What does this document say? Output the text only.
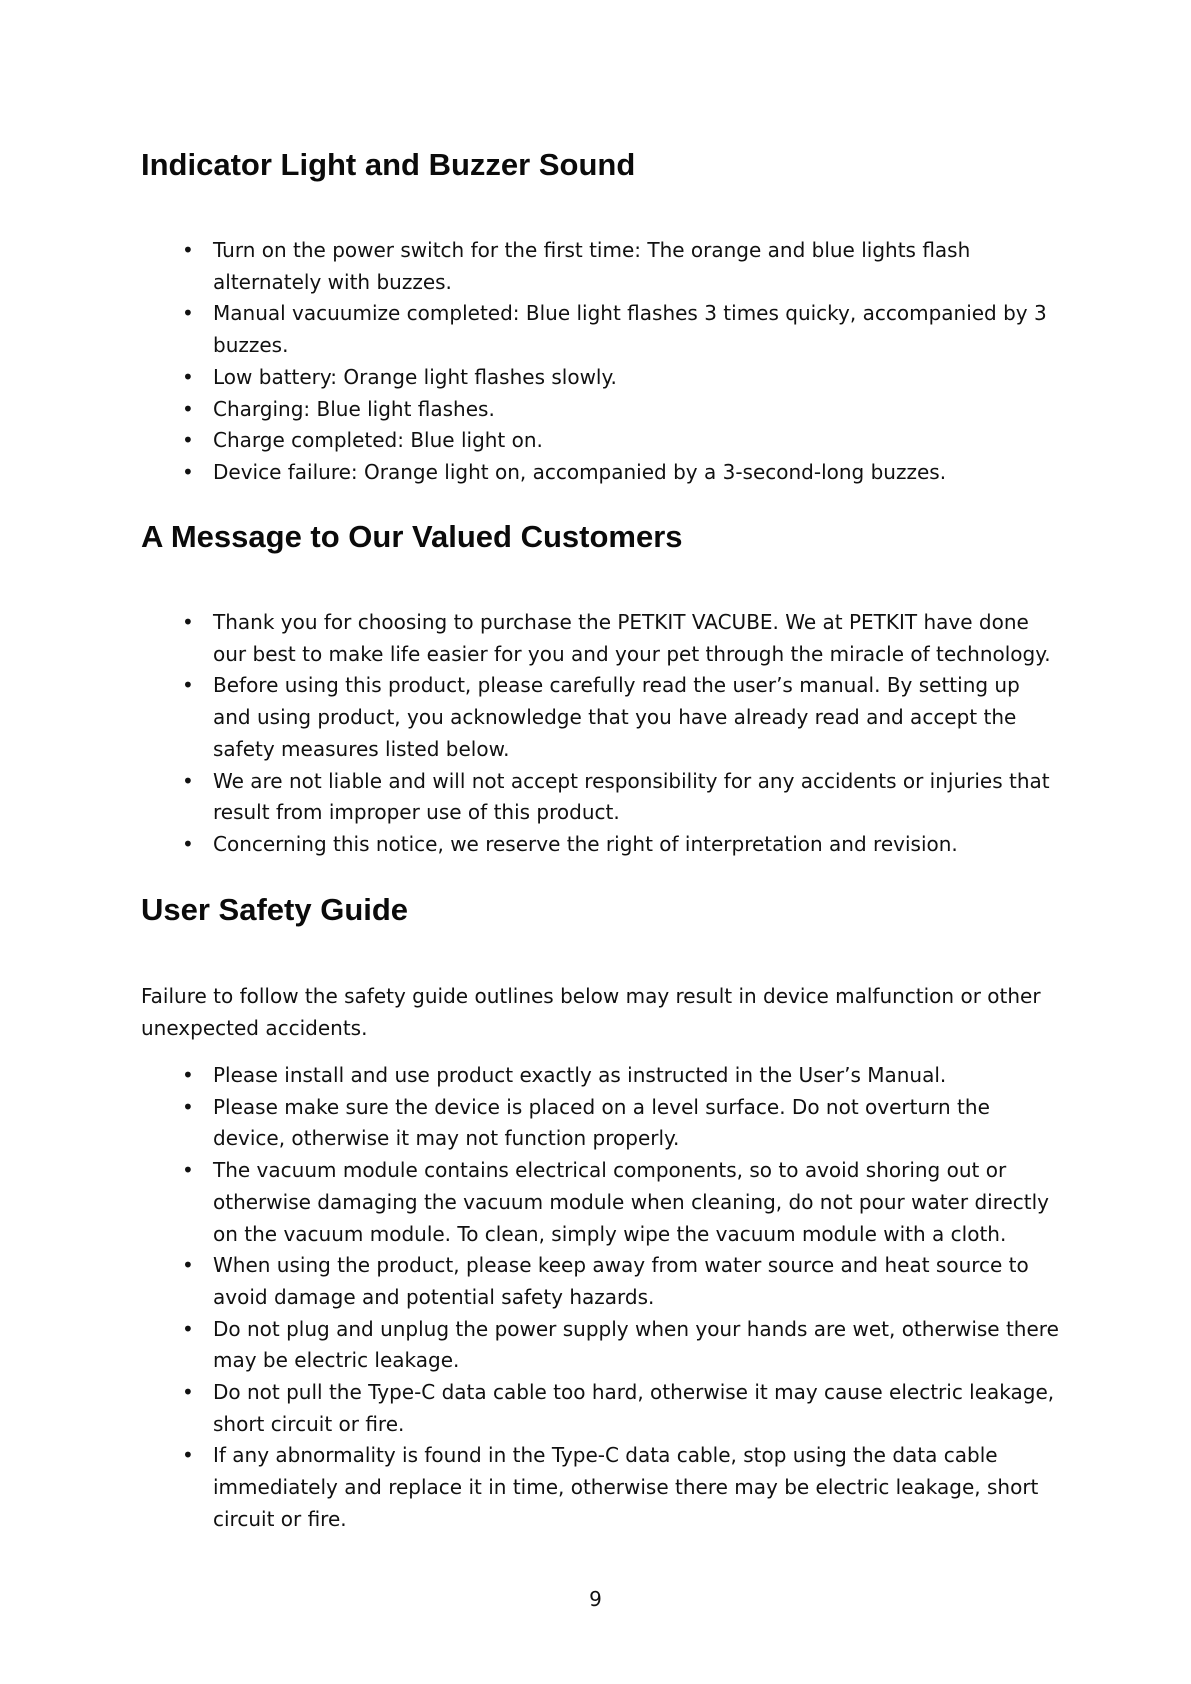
Indicator Light and Buzzer Sound
• Turn on the power switch for the first time: The orange and blue lights flash alternately with buzzes.
• Manual vacuumize completed: Blue light flashes 3 times quicky, accompanied by 3 buzzes.
• Low battery: Orange light flashes slowly.
• Charging: Blue light flashes.
• Charge completed: Blue light on.
• Device failure: Orange light on, accompanied by a 3-second-long buzzes.
A Message to Our Valued Customers
• Thank you for choosing to purchase the PETKIT VACUBE. We at PETKIT have done our best to make life easier for you and your pet through the miracle of technology.
• Before using this product, please carefully read the user’s manual. By setting up and using product, you acknowledge that you have already read and accept the safety measures listed below.
• We are not liable and will not accept responsibility for any accidents or injuries that result from improper use of this product.
• Concerning this notice, we reserve the right of interpretation and revision.
User Safety Guide

Failure to follow the safety guide outlines below may result in device malfunction or other unexpected accidents.

• Please install and use product exactly as instructed in the User’s Manual.
• Please make sure the device is placed on a level surface. Do not overturn the device, otherwise it may not function properly.
• The vacuum module contains electrical components, so to avoid shoring out or otherwise damaging the vacuum module when cleaning, do not pour water directly on the vacuum module. To clean, simply wipe the vacuum module with a cloth.
• When using the product, please keep away from water source and heat source to avoid damage and potential safety hazards.
• Do not plug and unplug the power supply when your hands are wet, otherwise there may be electric leakage.
• Do not pull the Type-C data cable too hard, otherwise it may cause electric leakage, short circuit or fire.
• If any abnormality is found in the Type-C data cable, stop using the data cable immediately and replace it in time, otherwise there may be electric leakage, short circuit or fire.
9
